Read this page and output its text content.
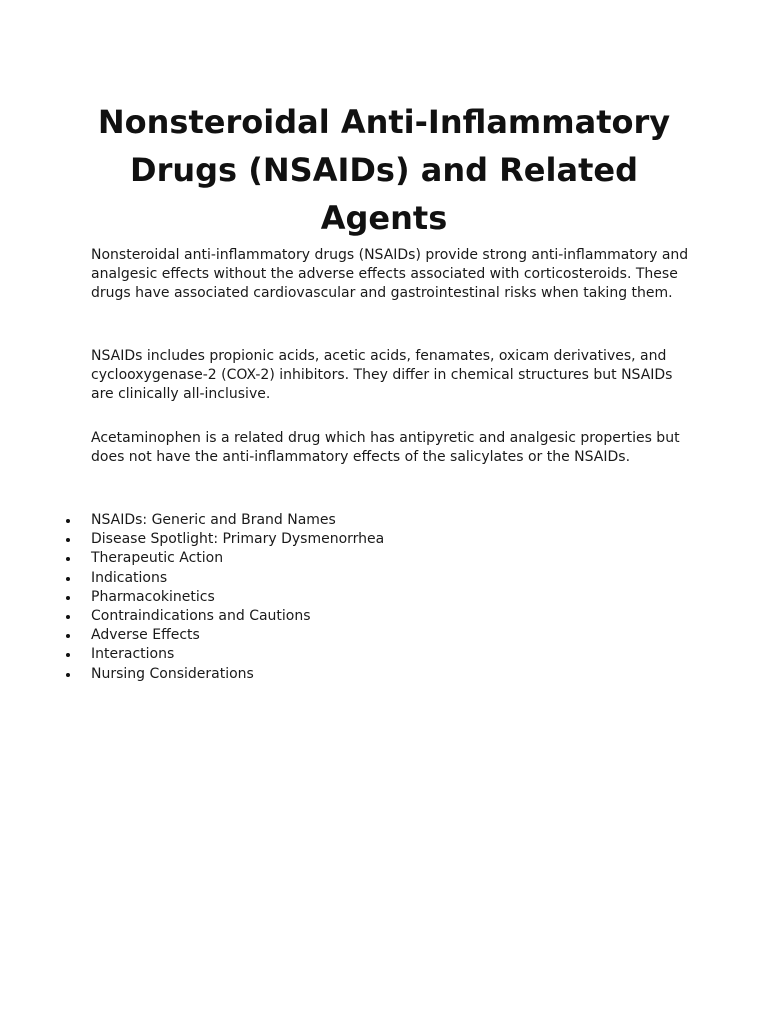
Nonsteroidal Anti-Inflammatory Drugs (NSAIDs) and Related Agents

Nonsteroidal anti-inflammatory drugs (NSAIDs) provide strong anti-inflammatory and analgesic effects without the adverse effects associated with corticosteroids. These drugs have associated cardiovascular and gastrointestinal risks when taking them.

NSAIDs includes propionic acids, acetic acids, fenamates, oxicam derivatives, and cyclooxygenase-2 (COX-2) inhibitors. They differ in chemical structures but NSAIDs are clinically all-inclusive.

Acetaminophen is a related drug which has antipyretic and analgesic properties but does not have the anti-inflammatory effects of the salicylates or the NSAIDs.

NSAIDs: Generic and Brand Names
Disease Spotlight: Primary Dysmenorrhea
Therapeutic Action
Indications
Pharmacokinetics
Contraindications and Cautions
Adverse Effects
Interactions
Nursing Considerations
